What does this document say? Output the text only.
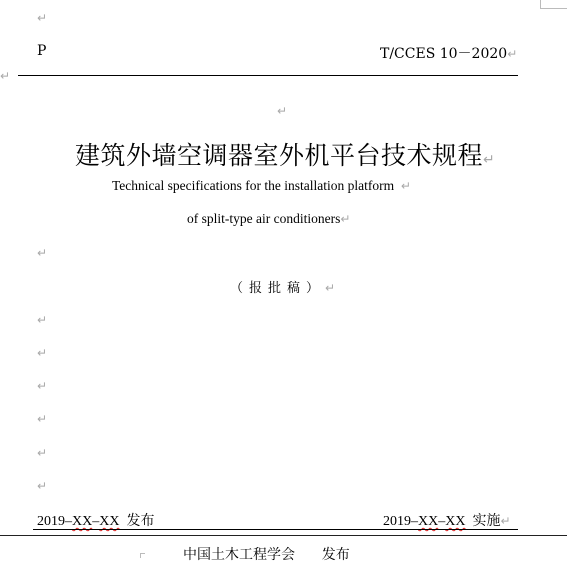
↵
P	T/CCES 10－2020↵
↵
↵
建筑外墙空调器室外机平台技术规程↵
Technical specifications for the installation platform ↵
of split-type air conditioners↵
↵
（报批稿）↵
↵
↵
↵
↵
↵
↵
2019–XX–XX 发布	2019–XX–XX 实施↵
中国土木工程学会 发布
